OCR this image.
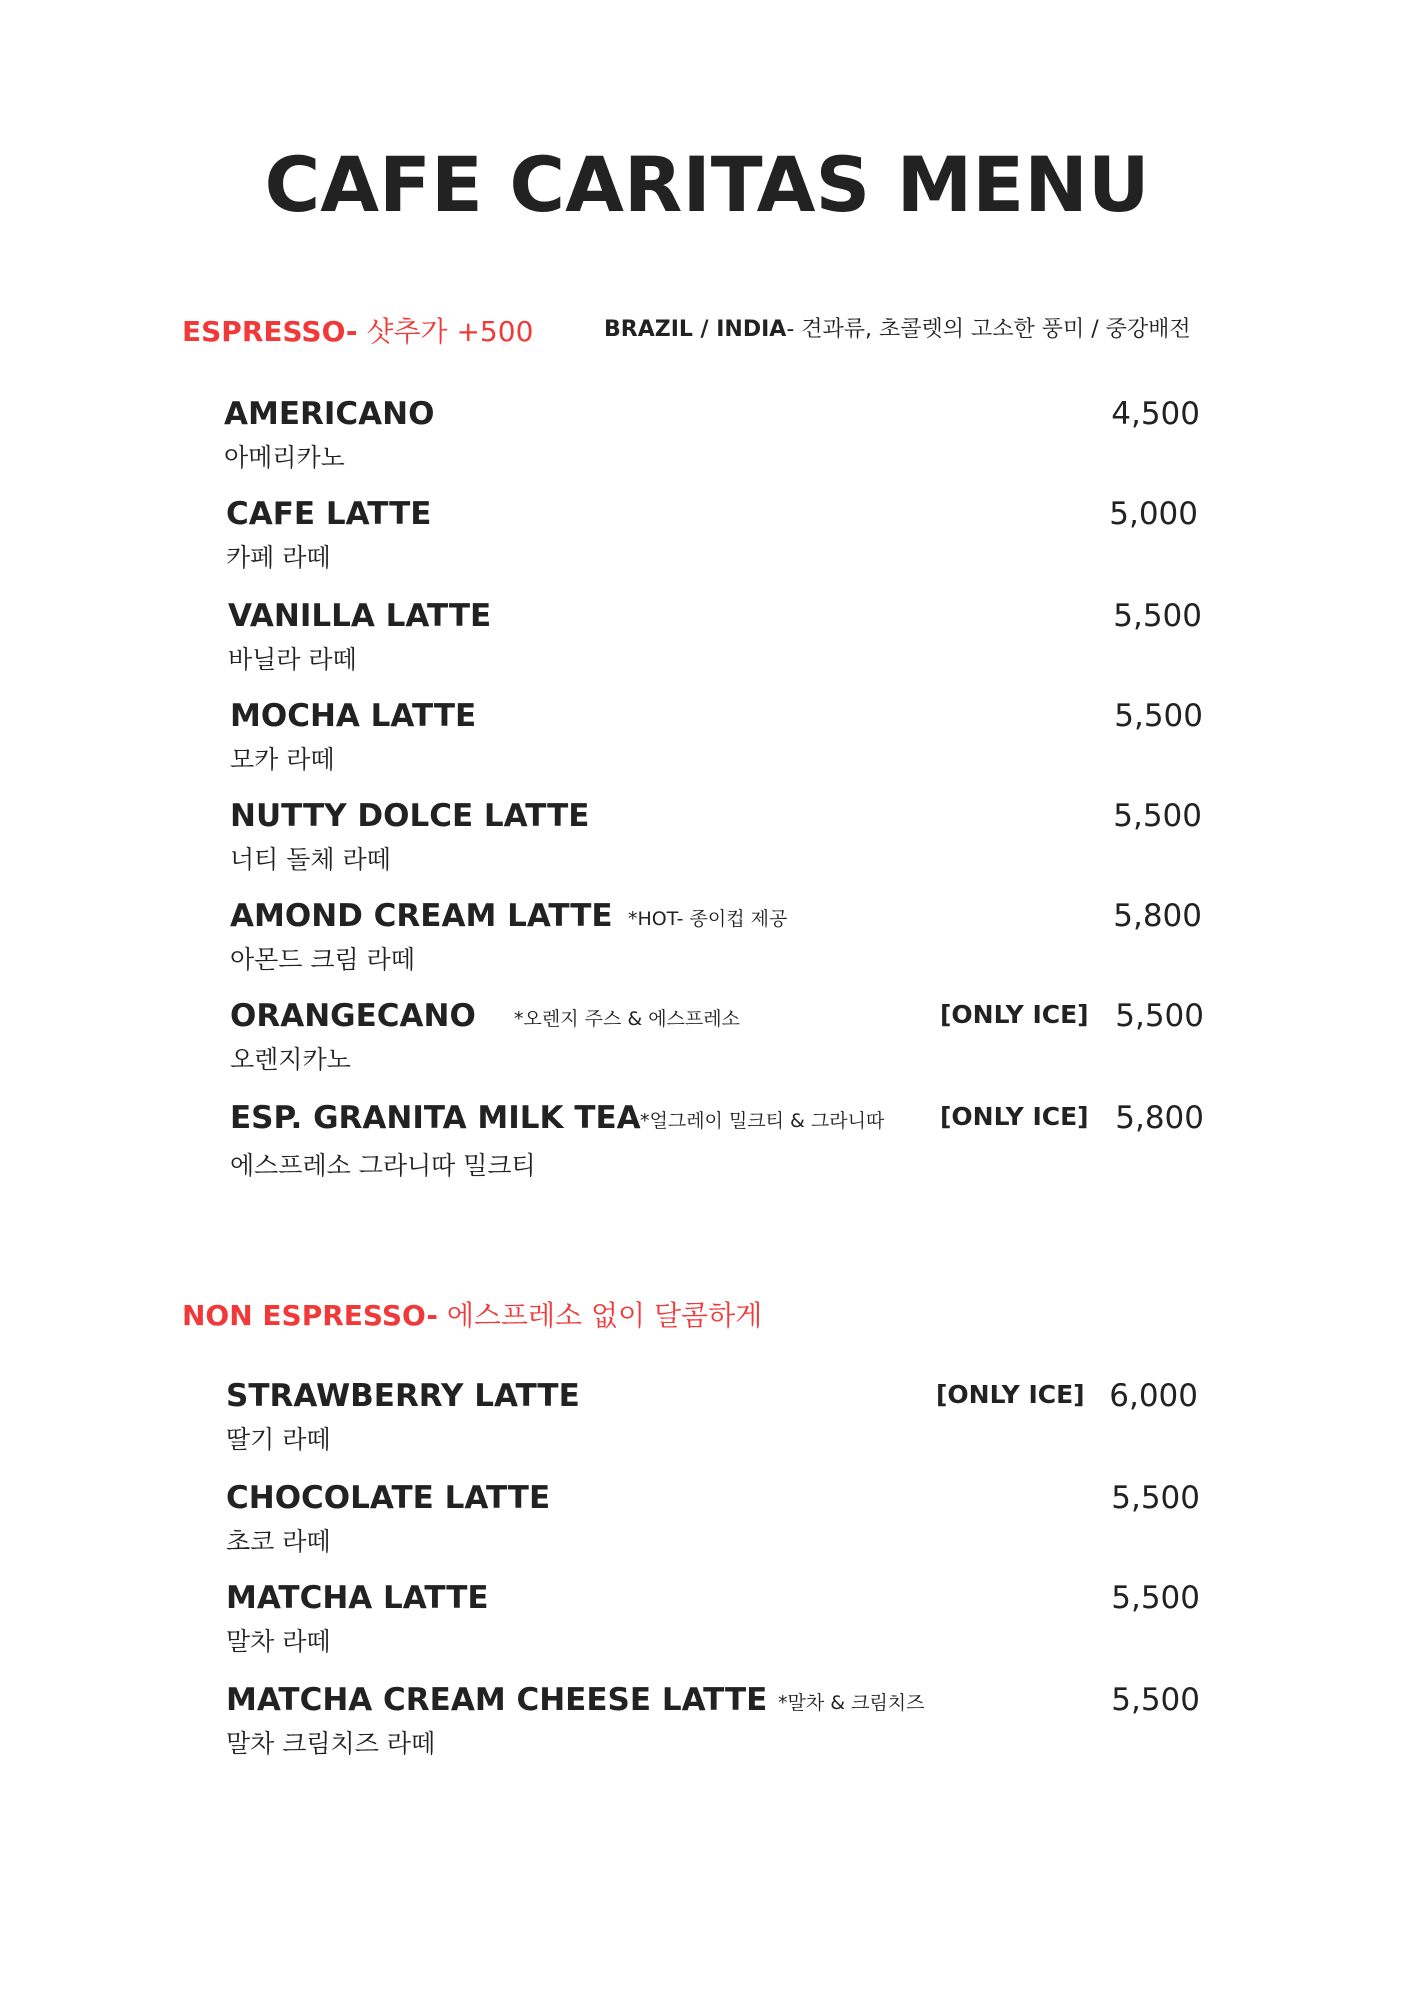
CAFE CARITAS MENU
ESPRESSO- 샷추가 +500	BRAZIL / INDIA- 견과류, 초콜렛의 고소한 풍미 / 중강배전
AMERICANO
아메리카노
4,500
CAFE LATTE
카페 라떼
5,000
VANILLA LATTE
바닐라 라떼
5,500
MOCHA LATTE
모카 라떼
5,500
NUTTY DOLCE LATTE
너티 돌체 라떼
5,500
AMOND CREAM LATTE
아몬드 크림 라떼
*HOT- 종이컵 제공	5,800
ORANGECANO
오렌지카노
*오렌지 주스 & 에스프레소	[ONLY ICE] 5,500
ESP. GRANITA MILK TEA
에스프레소 그라니따 밀크티
*얼그레이 밀크티 & 그라니따 [ONLY ICE] 5,800
NON ESPRESSO- 에스프레소 없이 달콤하게
STRAWBERRY LATTE
딸기 라떼
[ONLY ICE] 6,000
CHOCOLATE LATTE
초코 라떼
5,500
MATCHA LATTE
말차 라떼
5,500
MATCHA CREAM CHEESE LATTE
말차 크림치즈 라떼
*말차 & 크림치즈	5,500
